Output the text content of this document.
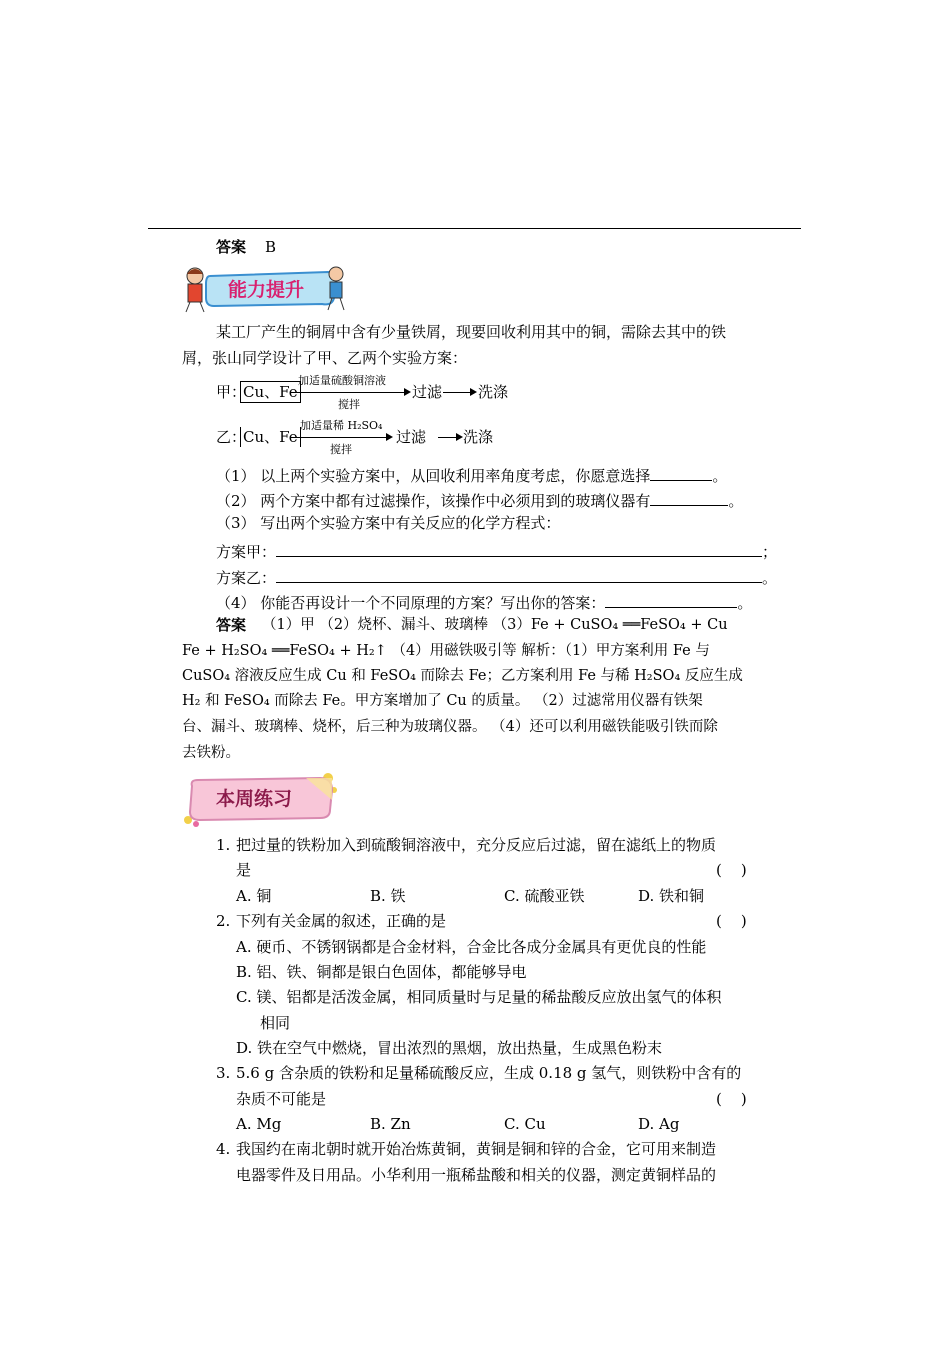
答案 B
能力提升
某工厂产生的铜屑中含有少量铁屑，现要回收利用其中的铜，需除去其中的铁
屑，张山同学设计了甲、乙两个实验方案：
甲：
Cu、Fe
加适量硫酸铜溶液
搅拌
过滤 洗涤
乙：
Cu、Fe
加适量稀 H₂SO₄
搅拌
过滤 洗涤
（1） 以上两个实验方案中，从回收利用率角度考虑，你愿意选择	。
（2） 两个方案中都有过滤操作，该操作中必须用到的玻璃仪器有	。
（3） 写出两个实验方案中有关反应的化学方程式：
方案甲：	；
方案乙：	。
（4） 你能否再设计一个不同原理的方案？写出你的答案：	。
答案 （1）甲 （2）烧杯、漏斗、玻璃棒 （3）Fe + CuSO₄ ══FeSO₄ + Cu
Fe + H₂SO₄ ══FeSO₄ + H₂↑ （4）用磁铁吸引等 解析：（1）甲方案利用 Fe 与
CuSO₄ 溶液反应生成 Cu 和 FeSO₄ 而除去 Fe；乙方案利用 Fe 与稀 H₂SO₄ 反应生成
H₂ 和 FeSO₄ 而除去 Fe。甲方案增加了 Cu 的质量。 （2）过滤常用仪器有铁架
台、漏斗、玻璃棒、烧杯，后三种为玻璃仪器。 （4）还可以利用磁铁能吸引铁而除
去铁粉。
本周练习
1. 把过量的铁粉加入到硫酸铜溶液中，充分反应后过滤，留在滤纸上的物质
是	(    )
A. 铜	B. 铁	C. 硫酸亚铁	D. 铁和铜
2. 下列有关金属的叙述，正确的是	(    )
A. 硬币、不锈钢锅都是合金材料，合金比各成分金属具有更优良的性能
B. 铝、铁、铜都是银白色固体，都能够导电
C. 镁、铝都是活泼金属，相同质量时与足量的稀盐酸反应放出氢气的体积
相同
D. 铁在空气中燃烧，冒出浓烈的黑烟，放出热量，生成黑色粉末
3. 5.6 g 含杂质的铁粉和足量稀硫酸反应，生成 0.18 g 氢气，则铁粉中含有的
杂质不可能是	(    )
A. Mg	B. Zn	C. Cu	D. Ag
4. 我国约在南北朝时就开始冶炼黄铜，黄铜是铜和锌的合金，它可用来制造
电器零件及日用品。小华利用一瓶稀盐酸和相关的仪器，测定黄铜样品的
